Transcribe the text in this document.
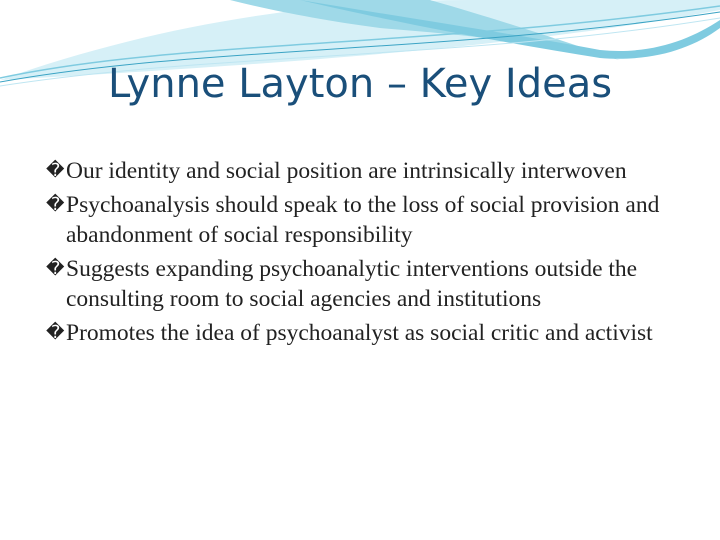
Lynne Layton – Key Ideas
� Our identity and social position are intrinsically interwoven
� Psychoanalysis should speak to the loss of social provision and abandonment of social responsibility
� Suggests expanding psychoanalytic interventions outside the consulting room to social agencies and institutions
� Promotes the idea of psychoanalyst as social critic and activist
